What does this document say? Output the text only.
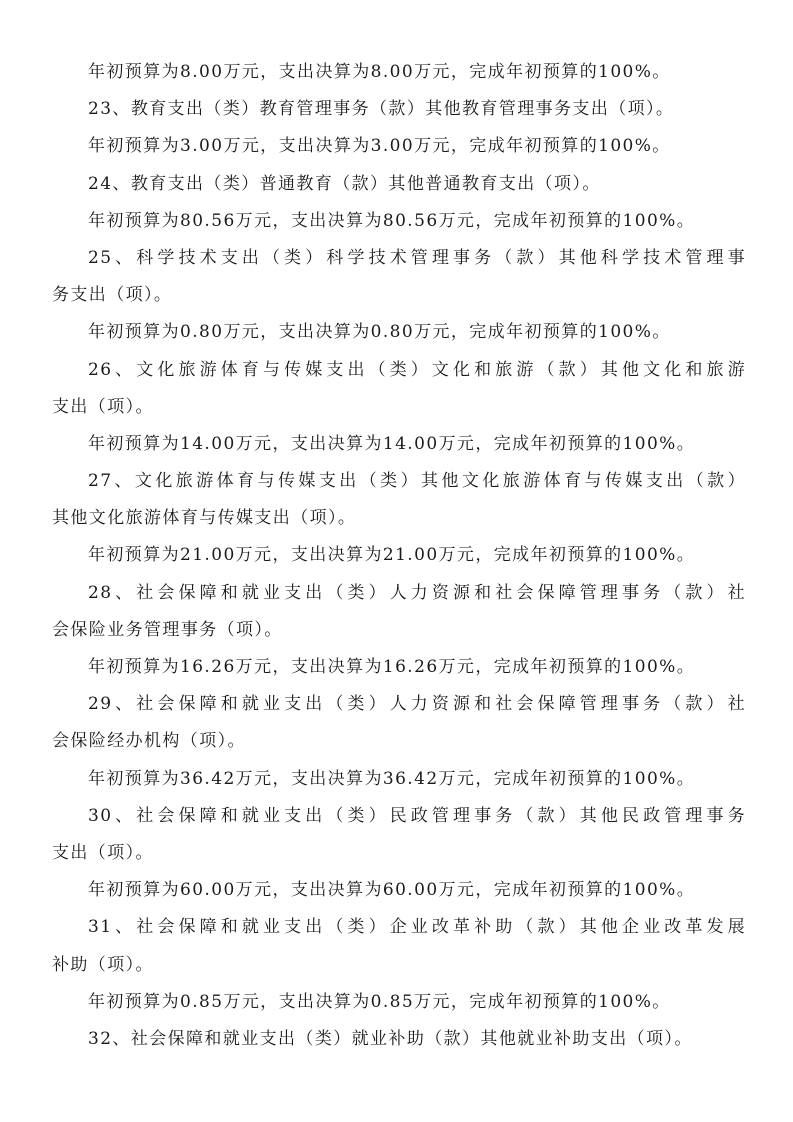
年初预算为8.00万元，支出决算为8.00万元，完成年初预算的100%。
23、教育支出（类）教育管理事务（款）其他教育管理事务支出（项）。
年初预算为3.00万元，支出决算为3.00万元，完成年初预算的100%。
24、教育支出（类）普通教育（款）其他普通教育支出（项）。
年初预算为80.56万元，支出决算为80.56万元，完成年初预算的100%。
25、科学技术支出（类）科学技术管理事务（款）其他科学技术管理事
务支出（项）。
年初预算为0.80万元，支出决算为0.80万元，完成年初预算的100%。
26、文化旅游体育与传媒支出（类）文化和旅游（款）其他文化和旅游
支出（项）。
年初预算为14.00万元，支出决算为14.00万元，完成年初预算的100%。
27、文化旅游体育与传媒支出（类）其他文化旅游体育与传媒支出（款）
其他文化旅游体育与传媒支出（项）。
年初预算为21.00万元，支出决算为21.00万元，完成年初预算的100%。
28、社会保障和就业支出（类）人力资源和社会保障管理事务（款）社
会保险业务管理事务（项）。
年初预算为16.26万元，支出决算为16.26万元，完成年初预算的100%。
29、社会保障和就业支出（类）人力资源和社会保障管理事务（款）社
会保险经办机构（项）。
年初预算为36.42万元，支出决算为36.42万元，完成年初预算的100%。
30、社会保障和就业支出（类）民政管理事务（款）其他民政管理事务
支出（项）。
年初预算为60.00万元，支出决算为60.00万元，完成年初预算的100%。
31、社会保障和就业支出（类）企业改革补助（款）其他企业改革发展
补助（项）。
年初预算为0.85万元，支出决算为0.85万元，完成年初预算的100%。
32、社会保障和就业支出（类）就业补助（款）其他就业补助支出（项）。
